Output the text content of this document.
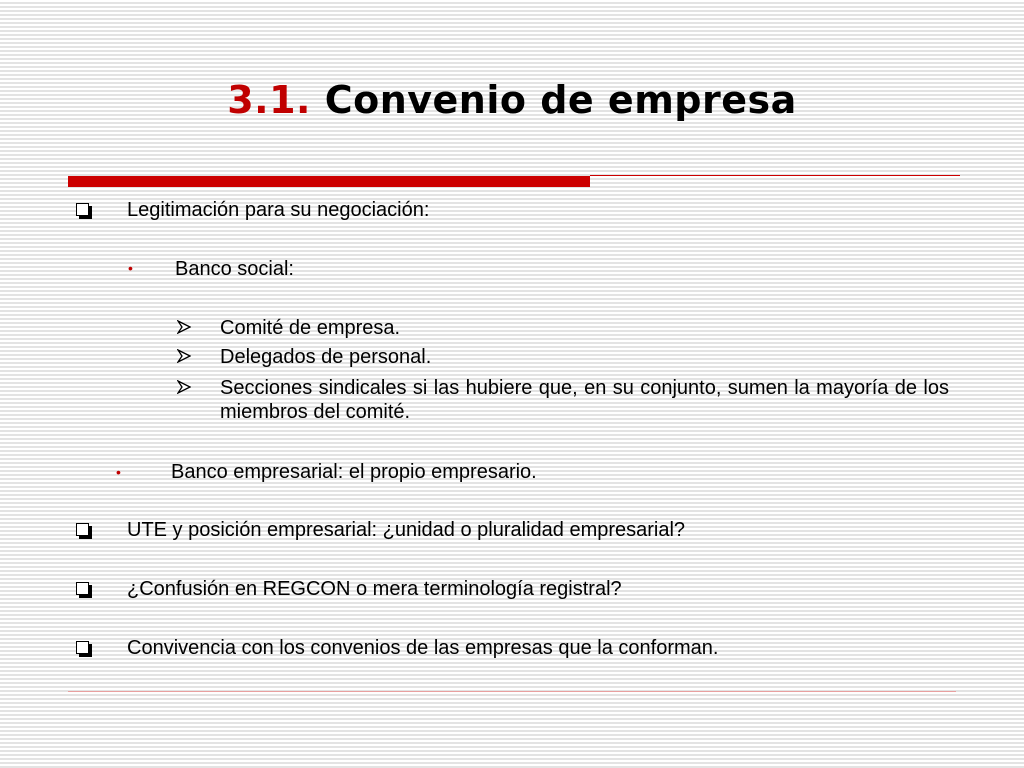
3.1. Convenio de empresa
Legitimación para su negociación:
• Banco social:
Comité de empresa.
Delegados de personal.
Secciones sindicales si las hubiere que, en su conjunto, sumen la mayoría de los miembros del comité.
•	Banco empresarial: el propio empresario.
UTE y posición empresarial: ¿unidad o pluralidad empresarial?
¿Confusión en REGCON o mera terminología registral?
Convivencia con los convenios de las empresas que la conforman.
